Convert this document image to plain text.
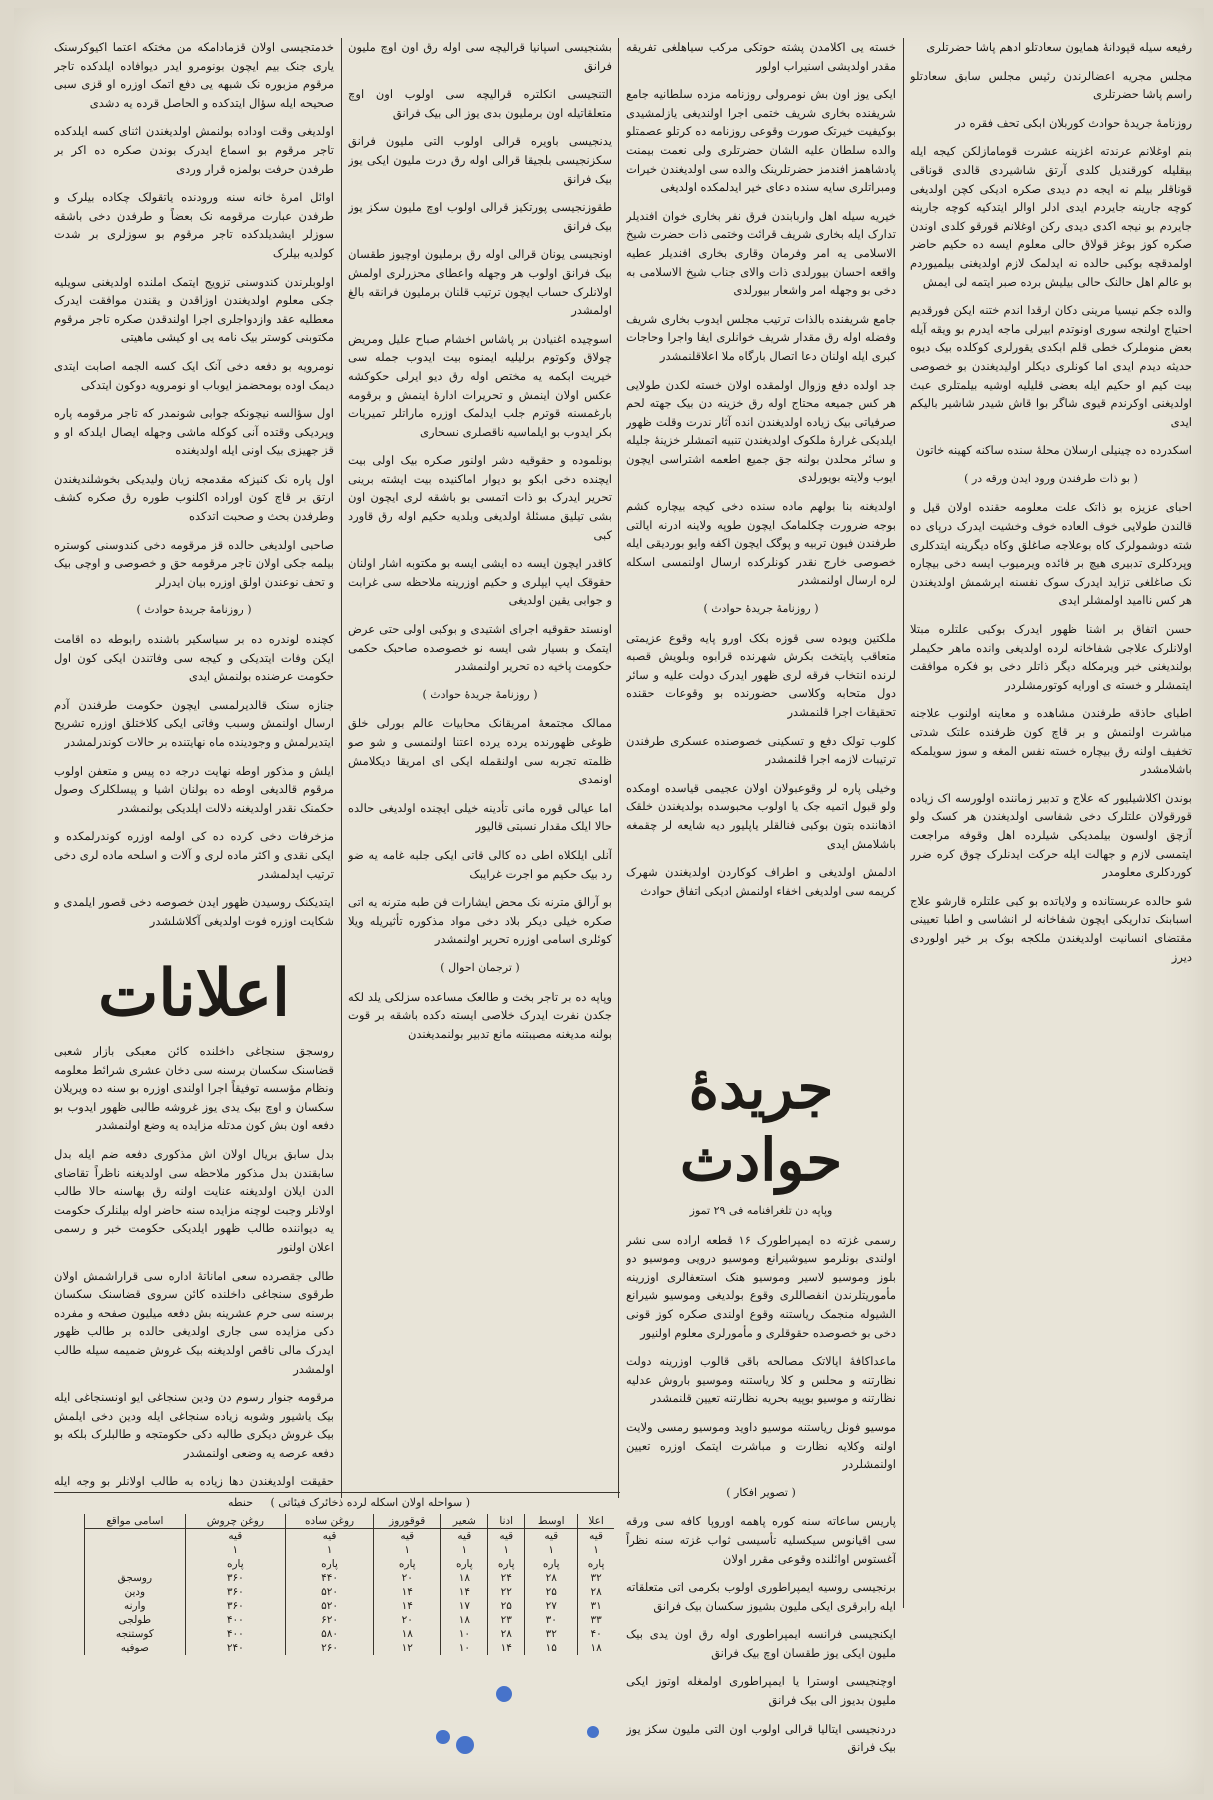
رفیعه سیله قپودانهٔ همایون سعادتلو ادهم پاشا حضرتلری

مجلس مجریه اعضالرندن رئیس مجلس سابق سعادتلو راسم پاشا حضرتلری

روزنامهٔ جریدهٔ حوادث کوربلان ابکی تحف فقره در

بنم اوغلانم عرندته اغزینه عشرت قومامازلکن کیجه ایله بیقلیله کورقندیل کلدی آرتق شاشیردی قالدی قوناقی قوناقلر بیلم نه ایجه دم دیدی صکره ادیکی کچن اولدیغی کوچه جارینه جایردم ایدی ادلر اوالر ایتدکیه کوچه جارینه جایردم بو نیجه اکدی دیدی رکن اوغلانم قورقو کلدی اوندن صکره کوز بوغز قولاق حالی معلوم ایسه ده حکیم حاضر اولمدقچه بوکبی حالده نه ایدلمک لازم اولدیغنی بیلمیوردم بو عالم اهل حالنک حالی بیلیش برده صبر ایتمه لی ایمش

والده جکم نیسیا مرینی دکان ارقدا اندم ختنه ایکن فورقدیم احتیاج اولنجه سوری اونوتدم ابیرلی ماجه ایدرم بو ویقه آیله بعض منوملرک خطی قلم ابکدی یقورلری کوکلده بیک دیوه حدیثه دیدم ایدی اما کونلری دیکلر اولیدیغندن بو خصوصی بیت کیم او حکیم ایله بعضی قلیلیه اوشیه بیلمتلری عبث اولدیغنی اوکرندم قیوی شاگر بوا قاش شیدر شاشیر بالیکم ایدی

اسکدرده ده چینیلی ارسلان محلهٔ سنده ساکنه کهینه خاتون

( بو ذات طرفندن ورود ایدن ورقه در )

احبای عزیزه بو ذاتک علت معلومه حقنده اولان قیل و قالندن طولایی خوف العاده خوف وخشیت ایدرک درپای ده شته دوشمولرک کاه بوعلاجه صاغلق وکاه دیگرینه ایتدکلری وپردکلری تدبیری هیچ بر فائده ویرمیوب ایسه دخی بیچاره نک صاغلغی تزاید ایدرک سوک نفسنه ایرشمش اولدیغندن هر کس ناامید اولمشلر ایدی

حسن اتفاق بر اشنا ظهور ایدرک بوکبی علتلره مبتلا اولانلرک علاجی شفاخانه لرده اولدیغی وانده ماهر حکیملر بولندیغنی خبر ویرمکله دیگر ذاتلر دخی بو فکره موافقت ایتمشلر و خسته ی اورایه کوتورمشلردر

اطبای حاذقه طرفندن مشاهده و معاینه اولنوب علاجنه مباشرت اولنمش و بر قاچ کون ظرفنده علتک شدتی تخفیف اولنه رق بیچاره خسته نفس المغه و سوز سویلمکه باشلامشدر

بوندن اکلاشیلیور که علاج و تدبیر زماننده اولورسه اک زیاده قورقولان علتلرک دخی شفاسی اولدیغندن هر کسک ولو آزچق اولسون بیلمدیکی شیلرده اهل وقوفه مراجعت ایتمسی لازم و جهالت ایله حرکت ایدنلرک چوق کره ضرر کوردکلری معلومدر

شو حالده عربستانده و ولایاتده بو کبی علتلره قارشو علاج اسبابنک تداریکی ایچون شفاخانه لر انشاسی و اطبا تعیینی مقتضای انسانیت اولدیغندن ملکجه بوک بر خیر اولوردی دیرز

خسته یی اکلامدن پشته حوتکی مرکب سیاهلغی تفریقه مقدر اولدیشی اسنیراب اولور

ایکی یوز اون بش نومرولی روزنامه مزده سلطانیه جامع شریفنده بخاری شریف ختمی اجرا اولندیغی یازلمشیدی بوکیفیت خیرتک صورت وقوعی روزنامه ده کرتلو عصمتلو والده سلطان علیه الشان حضرتلری ولی نعمت بیمنت پادشاهمز افندمز حضرتلرینک والده سی اولدیغندن خیرات ومبراتلری سایه سنده دعای خیر ایدلمکده اولدیغی

خیریه سیله اهل واربابندن فرق نفر بخاری خوان افندیلر تدارک ایله بخاری شریف قرائت وختمی ذات حضرت شیخ الاسلامی یه امر وفرمان وقاری بخاری افندیلر عطیه واقعه احسان بیورلدی ذات والای جناب شیخ الاسلامی به دخی بو وجهله امر واشعار بیورلدی

جامع شریفنده بالذات ترتیب مجلس ایدوب بخاری شریف وفضله اوله رق مقدار شریف خوانلری ایفا واجرا وحاجات کبری ایله اولنان دعا اتصال بارگاه ملا اعلاقلنمشدر

جد اولده دفع وزوال اولمقده اولان خسته لکدن طولایی هر کس جمیعه محتاج اوله رق خزینه دن بیک جهته لحم صرفیاتی بیک زیاده اولدیغندن انده آثار ندرت وقلت ظهور ایلدیکی غرارهٔ ملکوک اولدیغندن تنبیه اتمشلر خزینهٔ جلیله و سائر محلدن بولنه جق جمیع اطعمه اشتراسی ایچون ایوب ولایته بویورلدی

اولدیغنه بنا بولهم ماده سنده دخی کیجه بیچاره کشم بوجه ضرورت چکلمامک ایچون طوپه ولاینه ادرنه ایالتی طرفندن فیون تربیه و پوگک ایچون اکفه وایو بوردیقی ایله خصوصی خارج نقدر کونلرکده ارسال اولنمسی اسکله لره ارسال اولنمشدر

( روزنامهٔ جریدهٔ حوادث )

ملکتین ویوده سی قوزه بکک اورو پایه وقوع عزیمتی متعاقب پایتخت بکرش شهرنده قرابوه وبلویش قصبه لرنده انتخاب فرقه لری ظهور ایدرک دولت علیه و سائر دول متحابه وکلاسی حضورنده بو وقوعات حقنده تحقیقات اجرا قلنمشدر

کلوب تولک دفع و تسکینی خصوصنده عسکری طرفندن ترتیبات لازمه اجرا قلنمشدر

وخیلی پاره لر وقوعبولان اولان عجیمی قیاسده اومکده ولو قبول اتمیه جک یا اولوب محبوسده بولدیغندن خلقک اذهاننده بتون بوکبی فنالقلر یاپلیور دیه شایعه لر چقمغه باشلامش ایدی

ادلمش اولدیغی و اطراف کوکاردن اولدیغندن شهرک کریمه سی اولدیغی اخفاء اولنمش ادیکی اتفاق حوادث

جریدهٔ حوادث

وپاپه دن تلغرافنامه فی ۲۹ تموز

رسمی غزته ده ایمپراطورک ۱۶ قطعه اراده سی نشر اولندی بونلرمو سیوشیرانع وموسیو درویی وموسیو دو بلوز وموسیو لاسیر وموسیو هنک استعفالری اوزرینه مأموریتلرندن انفصاللری وقوع بولدیغی وموسیو شیرانع الشیوله منجمک ریاستنه وقوع اولندی صکره کوز قونی دخی بو خصوصده حقوقلری و مأمورلری معلوم اولنیور

ماعداکافهٔ ایالاتک مصالحه باقی قالوب اوزرینه دولت نظارتنه و محلس و کلا ریاستنه وموسیو باروش عدلیه نظارتنه و موسیو بوپیه بحریه نظارتنه تعیین قلنمشدر

موسیو فونل ریاستنه موسیو داوید وموسیو رمسی ولایت اولنه وکلایه نظارت و مباشرت ایتمک اوزره تعیین اولنمشلردر

( تصویر افکار )

پاریس ساعاته سنه کوره پاهمه اوروپا کافه سی ورقه سی اقیانوس سیکسلیه تأسیسی ثواب غزته سنه نظراً آغستوس اوائلنده وقوعی مقرر اولان

برنجیسی روسیه ایمپراطوری اولوب بکرمی اتی متعلقاته ایله رابرقری ایکی ملیون بشیوز سکسان بیک فرانق

ایکنجیسی فرانسه ایمپراطوری اوله رق اون یدی بیک ملیون ایکی یوز طقسان اوچ بیک فرانق

اوچنجیسی اوسترا یا ایمپراطوری اولمغله اوتوز ایکی ملیون بدیوز الی بیک فرانق

دردنجیسی ایتالیا قرالی اولوب اون التی ملیون سکز یوز بیک فرانق

بشنجیسی اسپانیا قرالیچه سی اوله رق اون اوچ ملیون فرانق

التنجیسی انکلتره قرالیچه سی اولوب اون اوچ متعلقاتیله اون برملیون بدی یوز الی بیک فرانق

یدنجیسی باویره قرالی اولوب التی ملیون فرانق سکزنجیسی بلجیقا قرالی اوله رق درت ملیون ایکی یوز بیک فرانق

طقوزنجیسی پورتکیز قرالی اولوب اوچ ملیون سکز یوز بیک فرانق

اونجیسی یونان قرالی اوله رق برملیون اوچیوز طقسان بیک فرانق اولوب هر وجهله واعطای محزرلری اولمش اولانلرک حساب ایچون ترتیب قلنان برملیون فرانقه بالغ اولمشدر

اسوچیده اغنیادن بر پاشاس اخشام صباح علیل ومریض چولاق وکوتوم برلیلیه ایمنوه بیت ایدوب جمله سی خیریت ابکمه یه مختص اوله رق دیو ایرلی حکوکشه عکس اولان اینمش و تحریرات ادارهٔ اینمش و برقومه بارغمسنه قوترم جلب ایدلمک اوزره ماراتلر تمیریات بکر ایدوب بو ایلماسیه ناقصلری نسحاری

بونلموده و حقوقیه دشر اولنور صکره بیک اولی بیت ایچنده دخی ابکو بو دیوار اماکنیده بیت ایشته برینی تحریر ایدرک بو ذات اتمسی بو باشقه لری ایچون اون بشی تیلیق مسئلهٔ اولدیغی وبلدیه حکیم اوله رق قاورد کبی

کاقدر ایچون ایسه ده ایشی ایسه بو مکتوبه اشار اولنان حقوقک ایپ ایپلری و حکیم اوزرینه ملاحظه سی غرابت و جوابی یقین اولدیغی

اونستد حقوقیه اجرای اشتیدی و بوکبی اولی حتی عرض ایتمک و بسیار شی ایسه نو خصوصده صاحبک حکمی حکومت پاخیه ده تحریر اولنمشدر

( روزنامهٔ جریدهٔ حوادث )

ممالک مجتمعهٔ امریقانک محابیات عالم بورلی خلق ظوغی ظهورنده یرده یرده اعتنا اولنمسی و شو صو ظلمته تجربه سی اولنقمله ایکی ای امریقا دیکلامش اونمدی

اما عیالی قوره مانی تأدینه خیلی ایچنده اولدیغی حالده حالا ایلک مقدار نسبتی قالیور

آنلی ایلکلاه اطی ده کالی قاتی ایکی جلبه غامه یه ضو رد بیک حکیم مو اجرت غرایبک

بو آرالق مترنه نک محض ایشارات فن طبه مترنه یه اتی صکره خیلی دیکر بلاد دخی مواد مذکوره تأثیریله ویلا کوئلری اسامی اوزره تحریر اولنمشدر

( ترجمان احوال )

وپاپه ده بر تاجر بخت و طالعک مساعده سزلکی یلد لکه جکدن نفرت ایدرک خلاصی ایسته دکده باشقه بر قوت بولنه مدیغنه مصیبتنه مانع تدبیر بولنمدیغندن

خدمتجیسی اولان قزمادامکه من مختکه اعتما اکیوکرسنک یاری جنک بیم ایچون بونومرو ایدر دیوافاده ایلدکده تاجر مرقوم مزبوره نک شبهه یی دفع اتمک اوزره او قزی سبی صحیحه ایله سؤال ایتدکده و الحاصل قرده یه دشدی

اولدیغی وقت اوداده بولنمش اولدیغندن اثنای کسه ایلدکده تاجر مرقوم بو اسماع ایدرک بوندن صکره ده اکر بر طرفدن حرفت بولمزه قرار وردی

اوائل امرهٔ خانه سنه ورودنده یاتقولک چکاده بیلرک و طرفدن عبارت مرقومه نک بعضاً و طرفدن دخی باشقه سوزلر ایشدیلدکده تاجر مرقوم بو سوزلری بر شدت کولدیه بیلرک

اولوبلرندن کندوسنی تزویج ایتمک املنده اولدیغنی سویلیه جکی معلوم اولدیغندن اوزاقدن و یقندن موافقت ایدرک معطلیه عقد وازدواجلری اجرا اولندقدن صکره تاجر مرقوم مکتوبنی کوستر بیک نامه یی او کیشی ماهیتی

نومرویه بو دفعه دخی آنک ایک کسه الجمه اصابت ایتدی دیمک اوده بومحضمز ایوباب او نومرویه دوکون ایتدکی

اول سؤالسه نیچونکه جوابی شونمدر که تاجر مرقومه پاره وپردیکی وقتده آنی کوکله ماشی وجهله ایصال ایلدکه او و قز جهیزی بیک اونی ایله اولدیغنده

اول پاره نک کنیزکه مقدمجه زیان ولیدیکی بخوشلندیغندن ارتق بر قاچ کون اوراده اکلنوب طوره رق صکره کشف وطرفدن بحث و صحبت اتدکده

صاحبی اولدیغی حالده قز مرقومه دخی کندوسنی کوستره بیلمه جکی اولان تاجر مرقومه حق و خصوصی و اوچی بیک و تحف نوعندن اولق اوزره بیان ایدرلر

( روزنامهٔ جریدهٔ حوادث )

کچنده لوندره ده بر سیاسکیر باشنده رابوطه ده اقامت ایکن وفات ایتدیکی و کیجه سی وفاتندن ایکی کون اول حکومت عرضنده بولنمش ایدی

جنازه سنک قالدیرلمسی ایچون حکومت طرفندن آدم ارسال اولنمش وسبب وفاتی ایکی کلاختلق اوزره تشریح ایتدیرلمش و وجودینده ماه نهایتنده بر حالات کوندرلمشدر

ایلش و مذکور اوطه نهایت درجه ده پیس و متعفن اولوب مرقوم قالدیغی اوطه ده بولنان اشیا و پیسلکلرک وصول حکمنک نقدر اولدیغنه دلالت ایلدیکی بولنمشدر

مزخرفات دخی کرده ده کی اولمه اوزره کوندرلمکده و ایکی نقدی و اکثر ماده لری و آلات و اسلحه ماده لری دخی ترتیب ایدلمشدر

ایتدیکنک روسیدن ظهور ایدن خصوصه دخی قصور ایلمدی و شکایت اوزره فوت اولدیغی آکلاشلشدر

اعلانات

روسجق سنجاغی داخلنده کائن معبکی بازار شعبی قضاسنک سکسان برسنه سی دخان عشری شرائط معلومه ونظام مؤسسه توفیقاً اجرا اولندی اوزره بو سنه ده ویریلان سکسان و اوچ بیک یدی یوز غروشه طالبی ظهور ایدوب بو دفعه اون بش کون مدتله مزایده یه وضع اولنمشدر

بدل سابق بریال اولان اش مذکوری دفعه ضم ایله بدل سابقندن بدل مذکور ملاحظه سی اولدیغنه ناظراً تقاضای الدن ایلان اولدیغنه عنایت اولنه رق بهاسنه حالا طالب اولانلر وجبت لوچنه مزایده سنه حاضر اوله بیلنلرک حکومت یه دیواننده طالب ظهور ایلدیکی حکومت خبر و رسمی اعلان اولنور

طالی جقصرده سعی اماناتهٔ اداره سی قراراشمش اولان طرقوی سنجاغی داخلنده کائن سروی قضاسنک سکسان برسنه سی حرم عشرینه بش دفعه میلیون صفحه و مفرده دکی مزایده سی جاری اولدیغی حالده بر طالب ظهور ایدرک مالی ناقص اولدیغنه بیک غروش ضمیمه سیله طالب اولمشدر

مرقومه جنوار رسوم دن ودین سنجاغی ایو اونسنجاغی ایله بیک یاشیور وشوبه زیاده سنجاغی ایله ودین دخی ایلمش بیک غروش دیکری طالبه دکی حکومتجه و طالبلرک بلکه بو دفعه عرصه یه وضعی اولنمشدر

حقیقت اولدیغندن دها زیاده به طالب اولانلر بو وجه ایله

( سواحله اولان اسکله لرده ذخائرک فیئاتی )     حنطه
اعلا	اوسط	ادنا	شعیر	قوقوروز	روغن ساده	روغن چروش	اسامی مواقع
قیه	قیه	قیه	قیه	قیه	قیه	قیه	
۱	۱	۱	۱	۱	۱	۱	
پاره	پاره	پاره	پاره	پاره	پاره	پاره	
۳۲	۲۸	۲۴	۱۸	۲۰	۴۴۰	۳۶۰	روسجق
۲۸	۲۵	۲۲	۱۴	۱۴	۵۲۰	۳۶۰	ودین
۳۱	۲۷	۲۵	۱۷	۱۴	۵۲۰	۳۶۰	وارنه
۳۳	۳۰	۲۳	۱۸	۲۰	۶۲۰	۴۰۰	طولجی
۴۰	۳۲	۲۸	۱۰	۱۸	۵۸۰	۴۰۰	کوستنجه
۱۸	۱۵	۱۴	۱۰	۱۲	۲۶۰	۲۴۰	صوفیه
